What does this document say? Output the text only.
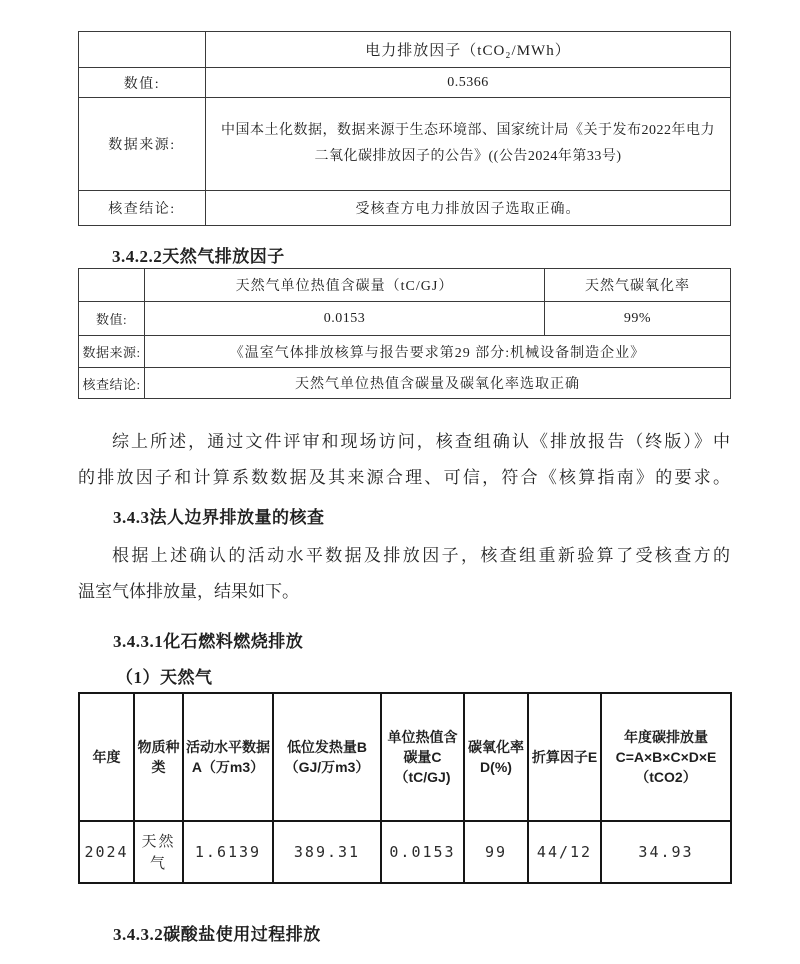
	电力排放因子（tCO₂/MWh）
数值:	0.5366
数据来源:	中国本土化数据，数据来源于生态环境部、国家统计局《关于发布2022年电力二氧化碳排放因子的公告》((公告2024年第33号)
核查结论:	受核查方电力排放因子选取正确。
3.4.2.2天然气排放因子
	天然气单位热值含碳量（tC/GJ）	天然气碳氧化率
数值:	0.0153	99%
数据来源:	《温室气体排放核算与报告要求第29 部分:机械设备制造企业》	
核查结论:	天然气单位热值含碳量及碳氧化率选取正确	
综上所述，通过文件评审和现场访问，核查组确认《排放报告（终版）》中
的排放因子和计算系数数据及其来源合理、可信，符合《核算指南》的要求。
3.4.3法人边界排放量的核查
根据上述确认的活动水平数据及排放因子，核查组重新验算了受核查方的
温室气体排放量，结果如下。
3.4.3.1化石燃料燃烧排放
（1）天然气
年度	物质种类	活动水平数据A（万m3）	低位发热量B（GJ/万m3）	单位热值含碳量C（tC/GJ)	碳氧化率D(%)	折算因子E	年度碳排放量C=A×B×C×D×E（tCO2）
2024	天然气	1.6139	389.31	0.0153	99	44/12	34.93
3.4.3.2碳酸盐使用过程排放
